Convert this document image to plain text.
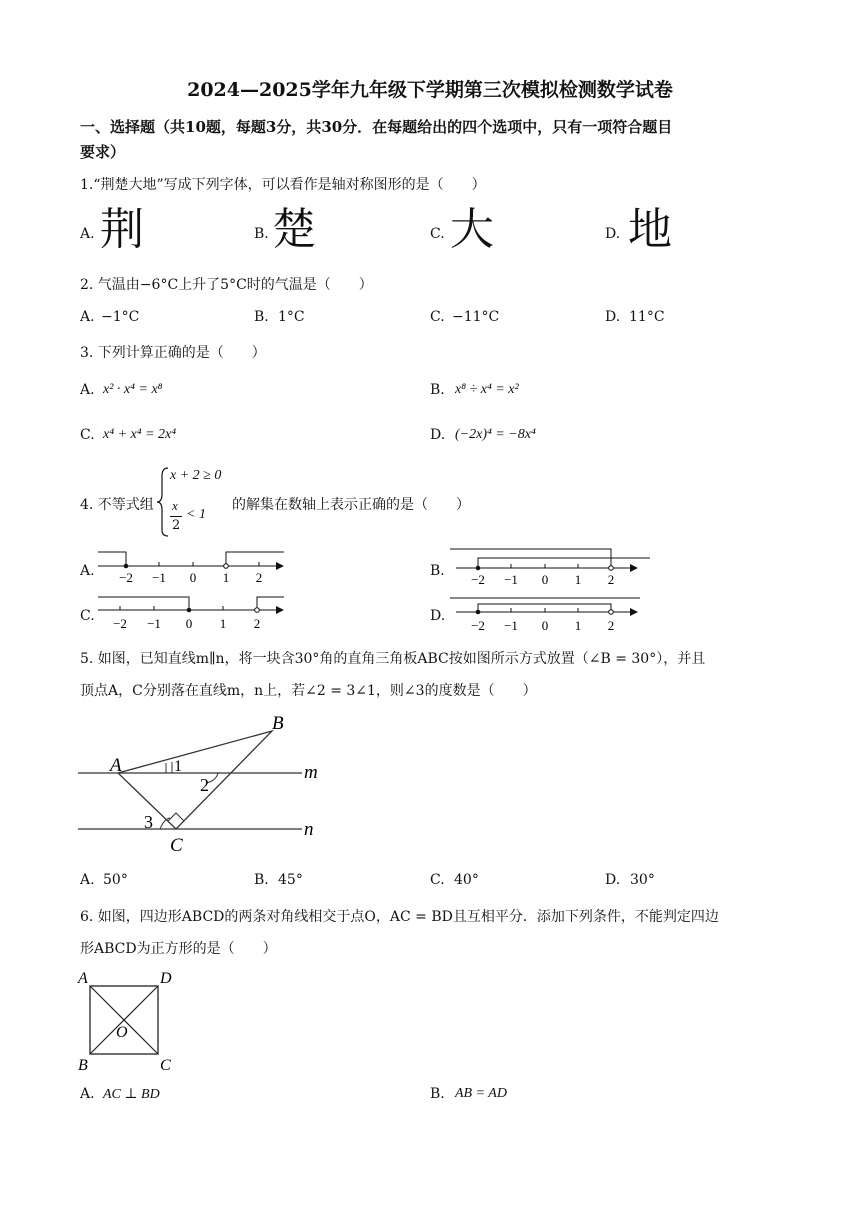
2024—2025学年九年级下学期第三次模拟检测数学试卷
一、选择题（共10题，每题3分，共30分．在每题给出的四个选项中，只有一项符合题目
要求）
1.“荆楚大地”写成下列字体，可以看作是轴对称图形的是（　　）
A. 荆	B. 楚	C. 大	D. 地
2. 气温由−6°C上升了5°C时的气温是（　　）
A. −1°C	B. 1°C	C. −11°C	D. 11°C
3. 下列计算正确的是（　　）
A. x² · x⁴ = x⁸	B. x⁸ ÷ x⁴ = x²
C. x⁴ + x⁴ = 2x⁴	D. (−2x)⁴ = −8x⁴
4. 不等式组
x + 2 ≥ 0
x
2
< 1
的解集在数轴上表示正确的是（　　）
A. −2 −1 0 1 2	B.
−2 −1 0 1 2
C. −2 −1 0 1 2	D.
−2 −1 0 1 2
5. 如图，已知直线m∥n，将一块含30°角的直角三角板ABC按如图所示方式放置（∠B = 30°），并且
顶点A，C分别落在直线m，n上，若∠2 = 3∠1，则∠3的度数是（　　）
A
B
C
m
n
1
2
3
A. 50°	B. 45°	C. 40°	D. 30°
6. 如图，四边形ABCD的两条对角线相交于点O，AC = BD且互相平分．添加下列条件，不能判定四边
形ABCD为正方形的是（　　）
A	D
B	C
O
A. AC ⊥ BD	B. AB = AD
